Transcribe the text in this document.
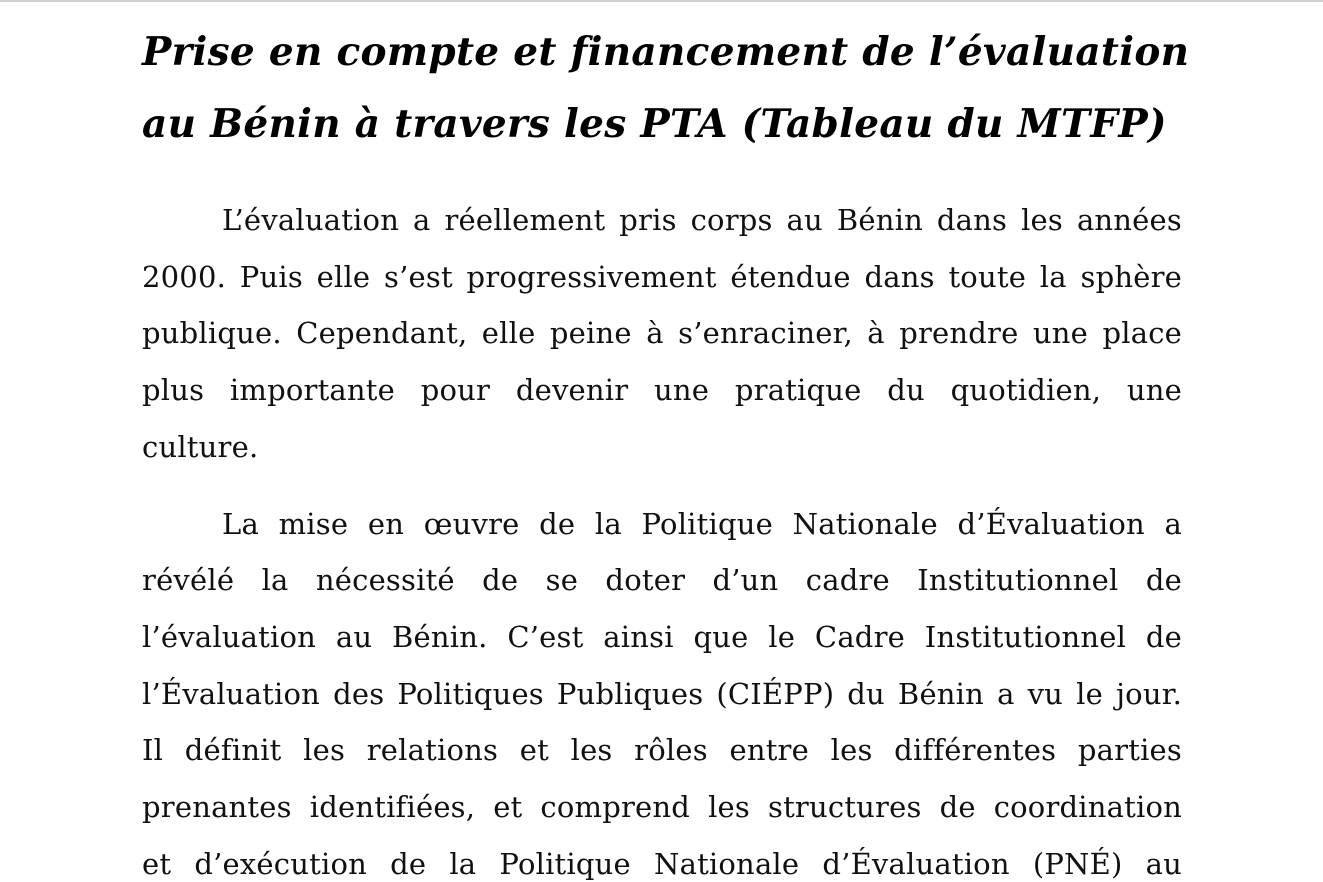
Prise en compte et financement de l’évaluation
au Bénin à travers les PTA (Tableau du MTFP)

L’évaluation a réellement pris corps au Bénin dans les années
2000. Puis elle s’est progressivement étendue dans toute la sphère
publique. Cependant, elle peine à s’enraciner, à prendre une place
plus importante pour devenir une pratique du quotidien, une
culture.

La mise en œuvre de la Politique Nationale d’Évaluation a
révélé la nécessité de se doter d’un cadre Institutionnel de
l’évaluation au Bénin. C’est ainsi que le Cadre Institutionnel de
l’Évaluation des Politiques Publiques (CIÉPP) du Bénin a vu le jour.
Il définit les relations et les rôles entre les différentes parties
prenantes identifiées, et comprend les structures de coordination
et d’exécution de la Politique Nationale d’Évaluation (PNÉ) au
